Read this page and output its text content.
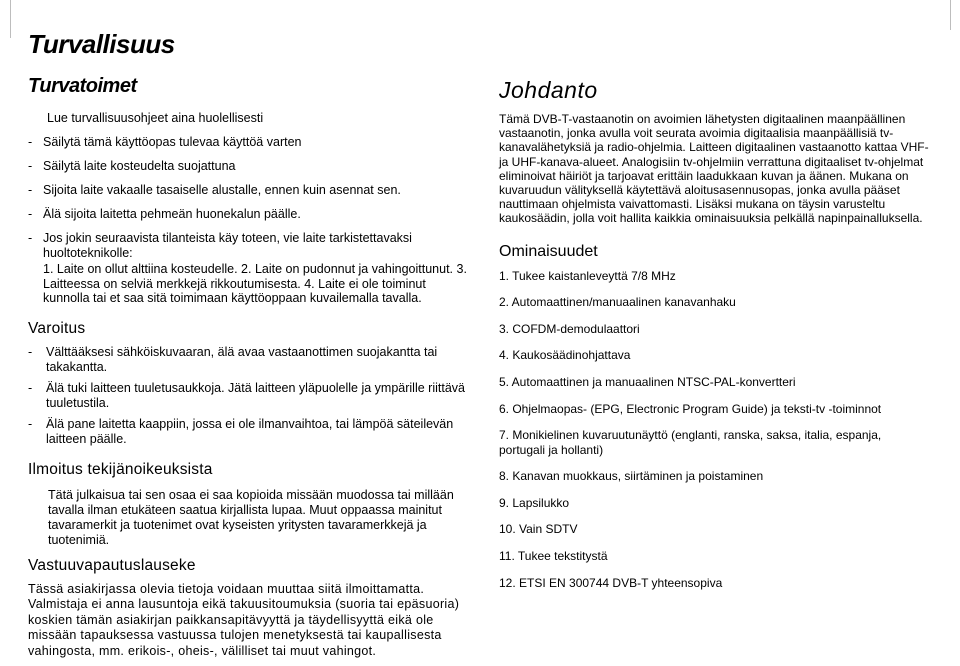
Turvallisuus
Turvatoimet
Lue turvallisuusohjeet aina huolellisesti
- Säilytä tämä käyttöopas tulevaa käyttöä varten
- Säilytä laite kosteudelta suojattuna
- Sijoita laite vakaalle tasaiselle alustalle, ennen kuin asennat sen.
- Älä sijoita laitetta pehmeän huonekalun päälle.
- Jos jokin seuraavista tilanteista käy toteen, vie laite tarkistettavaksi huoltoteknikolle:
1. Laite on ollut alttiina kosteudelle. 2. Laite on pudonnut ja vahingoittunut. 3. Laitteessa on selviä merkkejä rikkoutumisesta. 4. Laite ei ole toiminut kunnolla tai et saa sitä toimimaan käyttöoppaan kuvailemalla tavalla.
Varoitus
-	Välttääksesi sähköiskuvaaran, älä avaa vastaanottimen suojakantta tai takakantta.
-	Älä tuki laitteen tuuletusaukkoja. Jätä laitteen yläpuolelle ja ympärille riittävä tuuletustila.
-	Älä pane laitetta kaappiin, jossa ei ole ilmanvaihtoa, tai lämpöä säteilevän laitteen päälle.
Ilmoitus tekijänoikeuksista
Tätä julkaisua tai sen osaa ei saa kopioida missään muodossa tai millään tavalla ilman etukäteen saatua kirjallista lupaa. Muut oppaassa mainitut tavaramerkit ja tuotenimet ovat kyseisten yritysten tavaramerkkejä ja tuotenimiä.
Vastuuvapautuslauseke
Tässä asiakirjassa olevia tietoja voidaan muuttaa siitä ilmoittamatta. Valmistaja ei anna lausuntoja eikä takuusitoumuksia (suoria tai epäsuoria) koskien tämän asiakirjan paikkansapitävyyttä ja täydellisyyttä eikä ole missään tapauksessa vastuussa tulojen menetyksestä tai kaupallisesta vahingosta, mm. erikois-, oheis-, välilliset tai muut vahingot.
Johdanto
Tämä DVB-T-vastaanotin on avoimien lähetysten digitaalinen maanpäällinen vastaanotin, jonka avulla voit seurata avoimia digitaalisia maanpäällisiä tv-kanavalähetyksiä ja radio-ohjelmia. Laitteen digitaalinen vastaanotto kattaa VHF- ja UHF-kanava-alueet. Analogisiin tv-ohjelmiin verrattuna digitaaliset tv-ohjelmat eliminoivat häiriöt ja tarjoavat erittäin laadukkaan kuvan ja äänen. Mukana on kuvaruudun välityksellä käytettävä aloitusasennusopas, jonka avulla pääset nauttimaan ohjelmista vaivattomasti. Lisäksi mukana on täysin varusteltu kaukosäädin, jolla voit hallita kaikkia ominaisuuksia pelkällä napinpainalluksella.
Ominaisuudet
1. Tukee kaistanleveyttä 7/8 MHz
2. Automaattinen/manuaalinen kanavanhaku
3. COFDM-demodulaattori
4. Kaukosäädinohjattava
5. Automaattinen ja manuaalinen NTSC-PAL-konvertteri
6. Ohjelmaopas- (EPG, Electronic Program Guide) ja teksti-tv -toiminnot
7. Monikielinen kuvaruutunäyttö (englanti, ranska, saksa, italia, espanja, portugali ja hollanti)
8. Kanavan muokkaus, siirtäminen ja poistaminen
9. Lapsilukko
10. Vain SDTV
11. Tukee tekstitystä
12. ETSI EN 300744 DVB-T yhteensopiva
